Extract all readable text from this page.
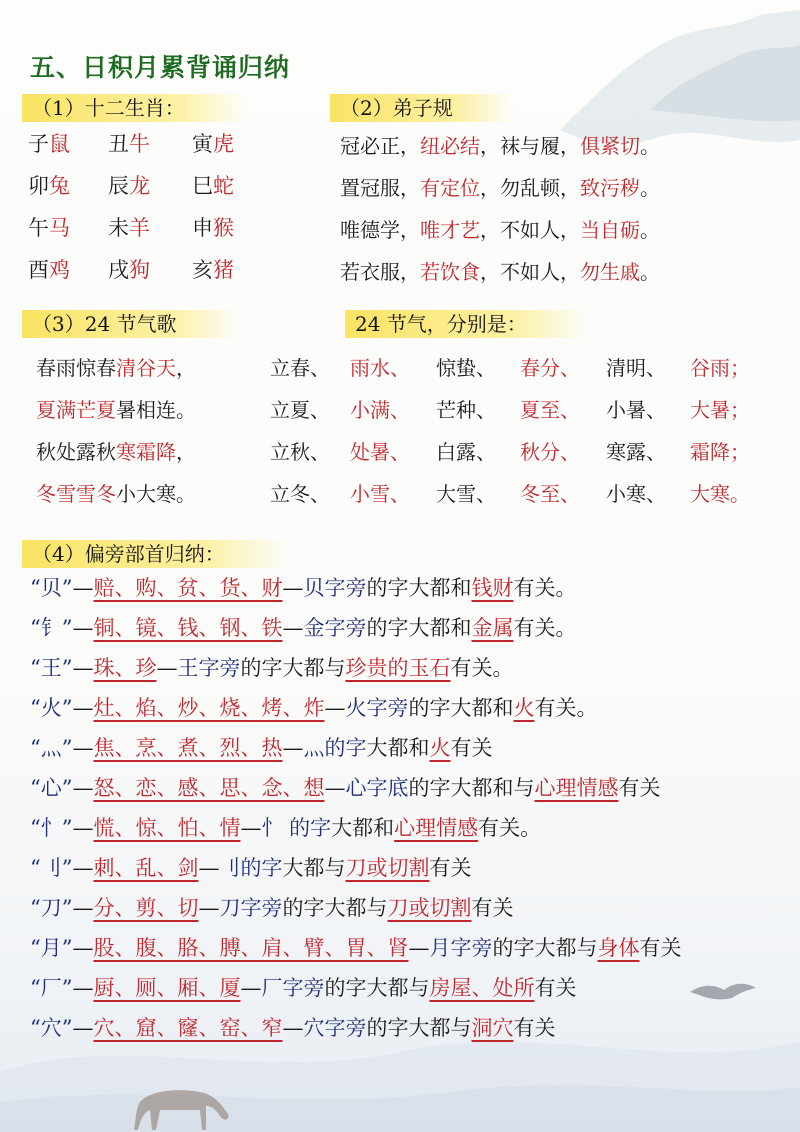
五、日积月累背诵归纳
（1）十二生肖：	（2）弟子规
（3）24 节气歌	24 节气，分别是：
（4）偏旁部首归纳：
子鼠 丑牛 寅虎
卯兔 辰龙 巳蛇
午马 未羊 申猴
酉鸡 戌狗 亥猪
冠必正，纽必结，袜与履，俱紧切。
置冠服，有定位，勿乱顿，致污秽。
唯德学，唯才艺，不如人，当自砺。
若衣服，若饮食，不如人，勿生戚。
春雨惊春清谷天，
夏满芒夏暑相连。
秋处露秋寒霜降，
冬雪雪冬小大寒。
立春、 雨水、 惊蛰、 春分、 清明、 谷雨；
立夏、 小满、 芒种、 夏至、 小暑、 大暑；
立秋、 处暑、 白露、 秋分、 寒露、 霜降；
立冬、 小雪、 大雪、 冬至、 小寒、 大寒。
“贝”—赔、购、贫、货、财—贝字旁的字大都和钱财有关。
“钅”—铜、镜、钱、钢、铁—金字旁的字大都和金属有关。
“王”—珠、珍—王字旁的字大都与珍贵的玉石有关。
“火”—灶、焰、炒、烧、烤、炸—火字旁的字大都和火有关。
“灬”—焦、烹、煮、烈、热—灬的字大都和火有关
“心”—怒、恋、感、思、念、想—心字底的字大都和与心理情感有关
“忄”—慌、惊、怕、情—忄 的字大都和心理情感有关。
“刂”—刺、乱、剑—刂的字大都与刀或切割有关
“刀”—分、剪、切—刀字旁的字大都与刀或切割有关
“月”—股、腹、胳、膊、肩、臂、胃、肾—月字旁的字大都与身体有关
“厂”—厨、厕、厢、厦—厂字旁的字大都与房屋、处所有关
“穴”—穴、窟、窿、窑、窄—穴字旁的字大都与洞穴有关
